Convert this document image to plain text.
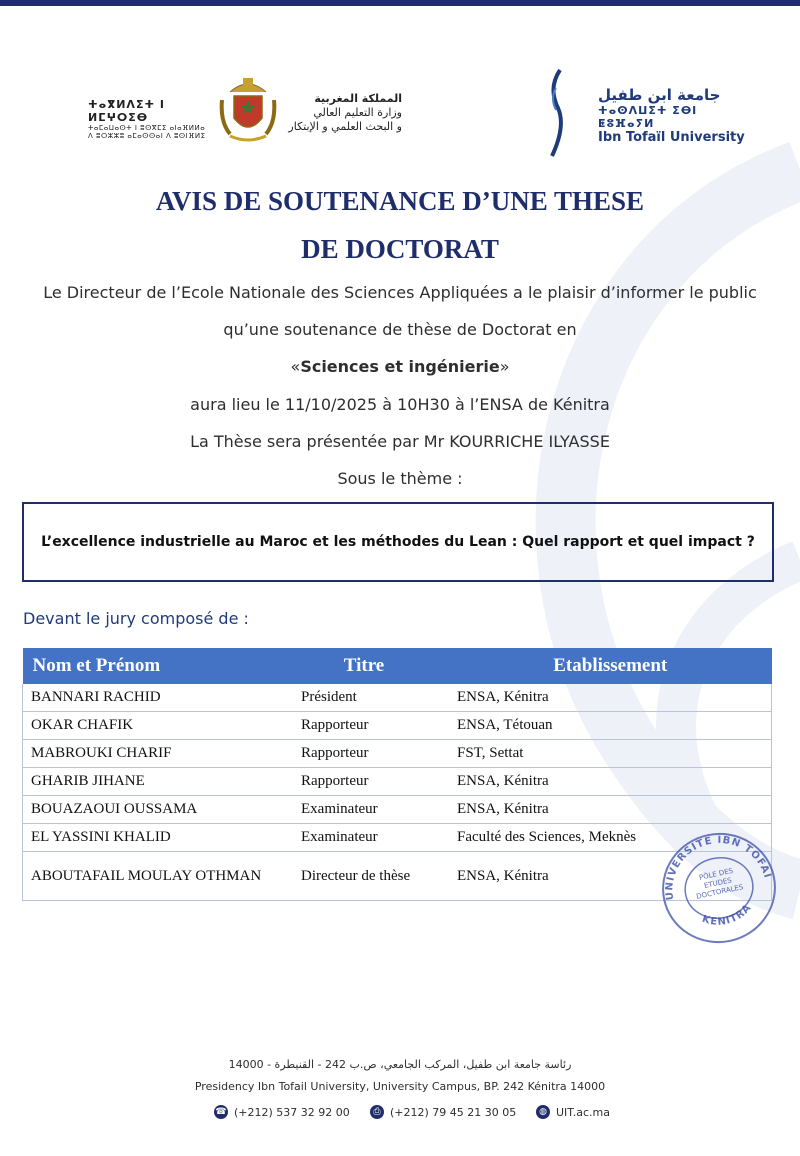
ⵜⴰⴳⵍⴷⵉⵜ ⵏ ⵍⵎⵖⵔⵉⴱ
ⵜⴰⵎⴰⵡⴰⵙⵜ ⵏ ⵓⵙⴳⵎⵉ ⴰⵏⴰⴼⵍⵍⴰ
ⴷ ⵓⵔⵣⵣⵓ ⴰⵎⴰⵙⵙⴰⵏ ⴷ ⵓⵙⵏⴼⵍⵉ
المملكة المغربية
وزارة التعليم العالي
و البحث العلمي و الإبتكار
جامعة ابن طفيل
ⵜⴰⵙⴷⵡⵉⵜ ⵉⴱⵏ ⵟⵓⴼⴰⵢⵍ
Ibn Tofaïl University
AVIS DE SOUTENANCE D’UNE THESE
DE DOCTORAT
Le Directeur de l’Ecole Nationale des Sciences Appliquées a le plaisir d’informer le public
qu’une soutenance de thèse de Doctorat en
«Sciences et ingénierie»
aura lieu le 11/10/2025 à 10H30 à l’ENSA de Kénitra
La Thèse sera présentée par Mr KOURRICHE ILYASSE
Sous le thème :
L’excellence industrielle au Maroc et les méthodes du Lean : Quel rapport et quel impact ?
Devant le jury composé de :
Nom et Prénom	Titre	Etablissement
BANNARI RACHID	Président	ENSA, Kénitra
OKAR CHAFIK	Rapporteur	ENSA, Tétouan
MABROUKI CHARIF	Rapporteur	FST, Settat
GHARIB JIHANE	Rapporteur	ENSA, Kénitra
BOUAZAOUI OUSSAMA	Examinateur	ENSA, Kénitra
EL YASSINI KHALID	Examinateur	Faculté des Sciences, Meknès
ABOUTAFAIL MOULAY OTHMAN	Directeur de thèse	ENSA, Kénitra
UNIVERSITE IBN TOFAIL
KENITRA
PÔLE DES ETUDES DOCTORALES
رئاسة جامعة ابن طفيل، المركب الجامعي، ص.ب 242 - القنيطرة - 14000
Presidency Ibn Tofail University, University Campus, BP. 242 Kénitra 14000
☎ (+212) 537 32 92 00	⎙ (+212) 79 45 21 30 05	◍ UIT.ac.ma
